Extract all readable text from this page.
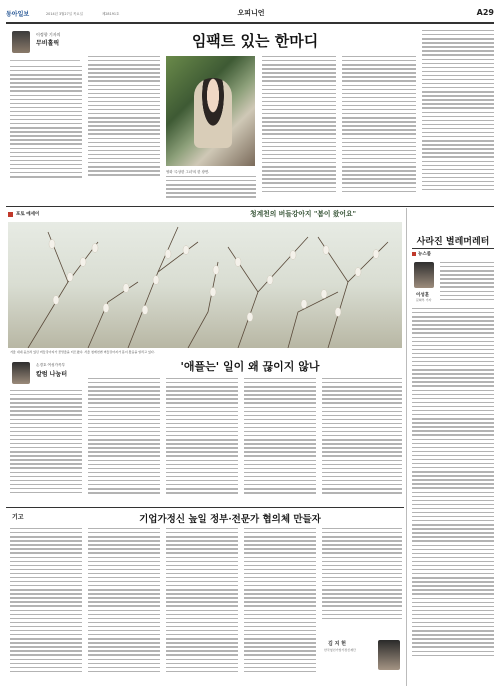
동아일보	2014년 3월27일 목요일	제28191호	오피니언	A29
이정향 기자의
무비홀릭	임팩트 있는 한마디
영화 '수상한 그녀'의 한 장면.
포토 에세이	청계천의 버들강아지 "봄이 왔어요"
겨울 내내 움츠려 있던 버들강아지가 꽃망울을 터뜨렸다. 서울 청계천변 버들강아지가 봄이 왔음을 알리고 있다.
손경호 여성가족부
칼럼 나눔터
'애플는' 일이 왜 끊이지 않나
기고	기업가정신 높일 정부·전문가 협의체 만들자
김 지 헌
한국청년기업가정신재단
사라진 별레머레터
뉴스룸
이성훈
문화부 기자
